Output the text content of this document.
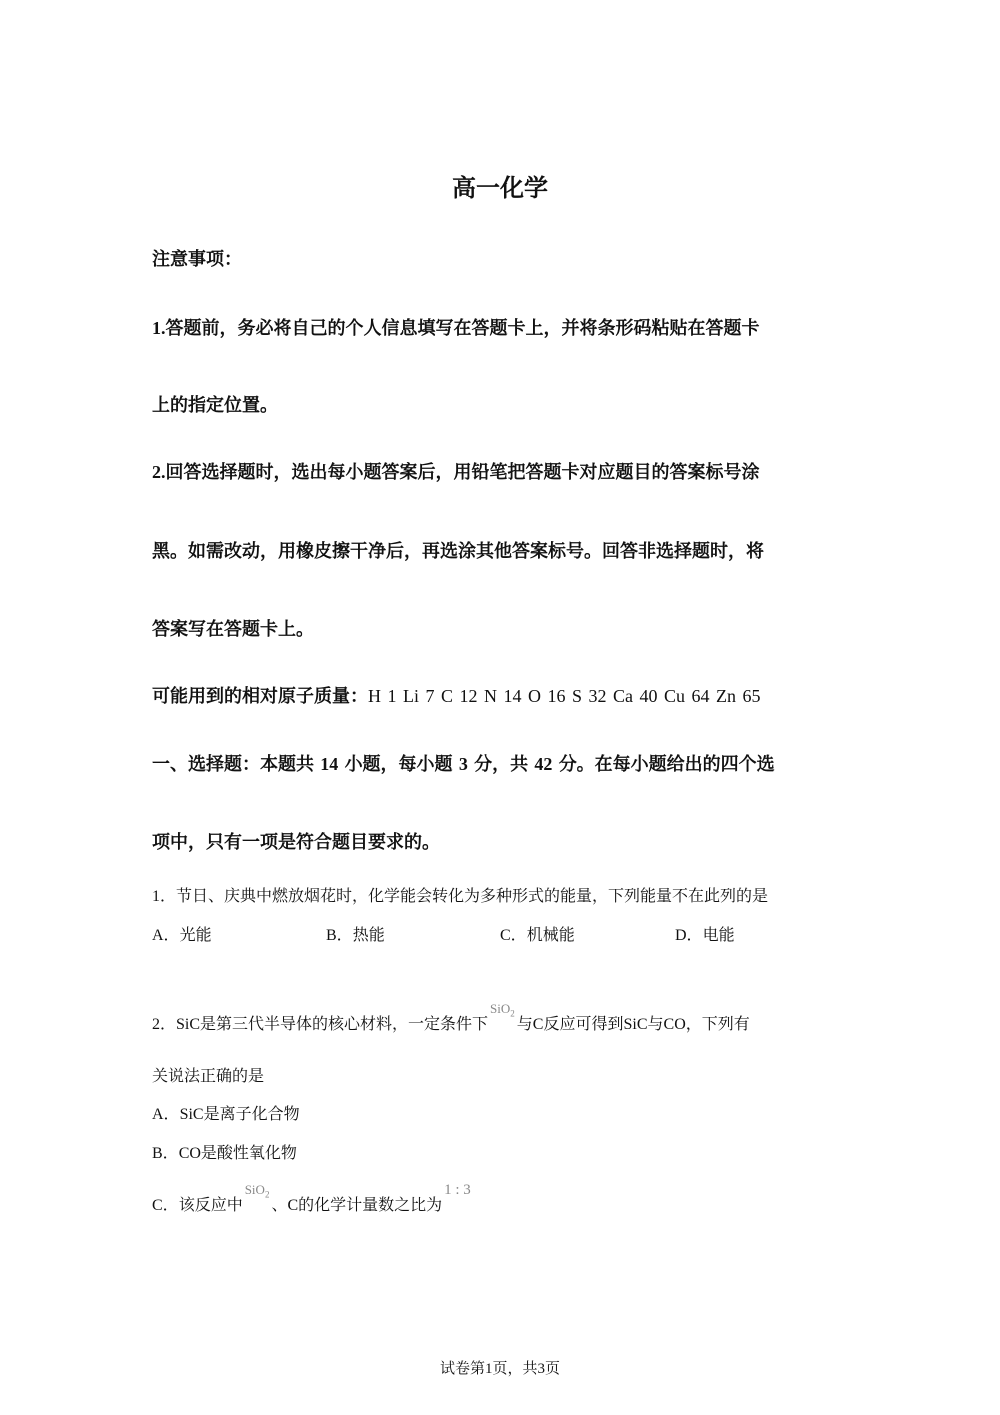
高一化学
注意事项：
1.答题前，务必将自己的个人信息填写在答题卡上，并将条形码粘贴在答题卡
上的指定位置。
2.回答选择题时，选出每小题答案后，用铅笔把答题卡对应题目的答案标号涂
黑。如需改动，用橡皮擦干净后，再选涂其他答案标号。回答非选择题时，将
答案写在答题卡上。
可能用到的相对原子质量：H 1 Li 7 C 12 N 14 O 16 S 32 Ca 40 Cu 64 Zn 65
一、选择题：本题共 14 小题，每小题 3 分，共 42 分。在每小题给出的四个选
项中，只有一项是符合题目要求的。
1．节日、庆典中燃放烟花时，化学能会转化为多种形式的能量，下列能量不在此列的是
A．光能	B．热能	C．机械能	D．电能
2．SiC是第三代半导体的核心材料，一定条件下$^{SiO_2}$与C反应可得到SiC与CO，下列有
关说法正确的是
A．SiC是离子化合物
B．CO是酸性氧化物
C．该反应中$^{SiO_2}$、C的化学计量数之比为1 : 3
试卷第1页，共3页
